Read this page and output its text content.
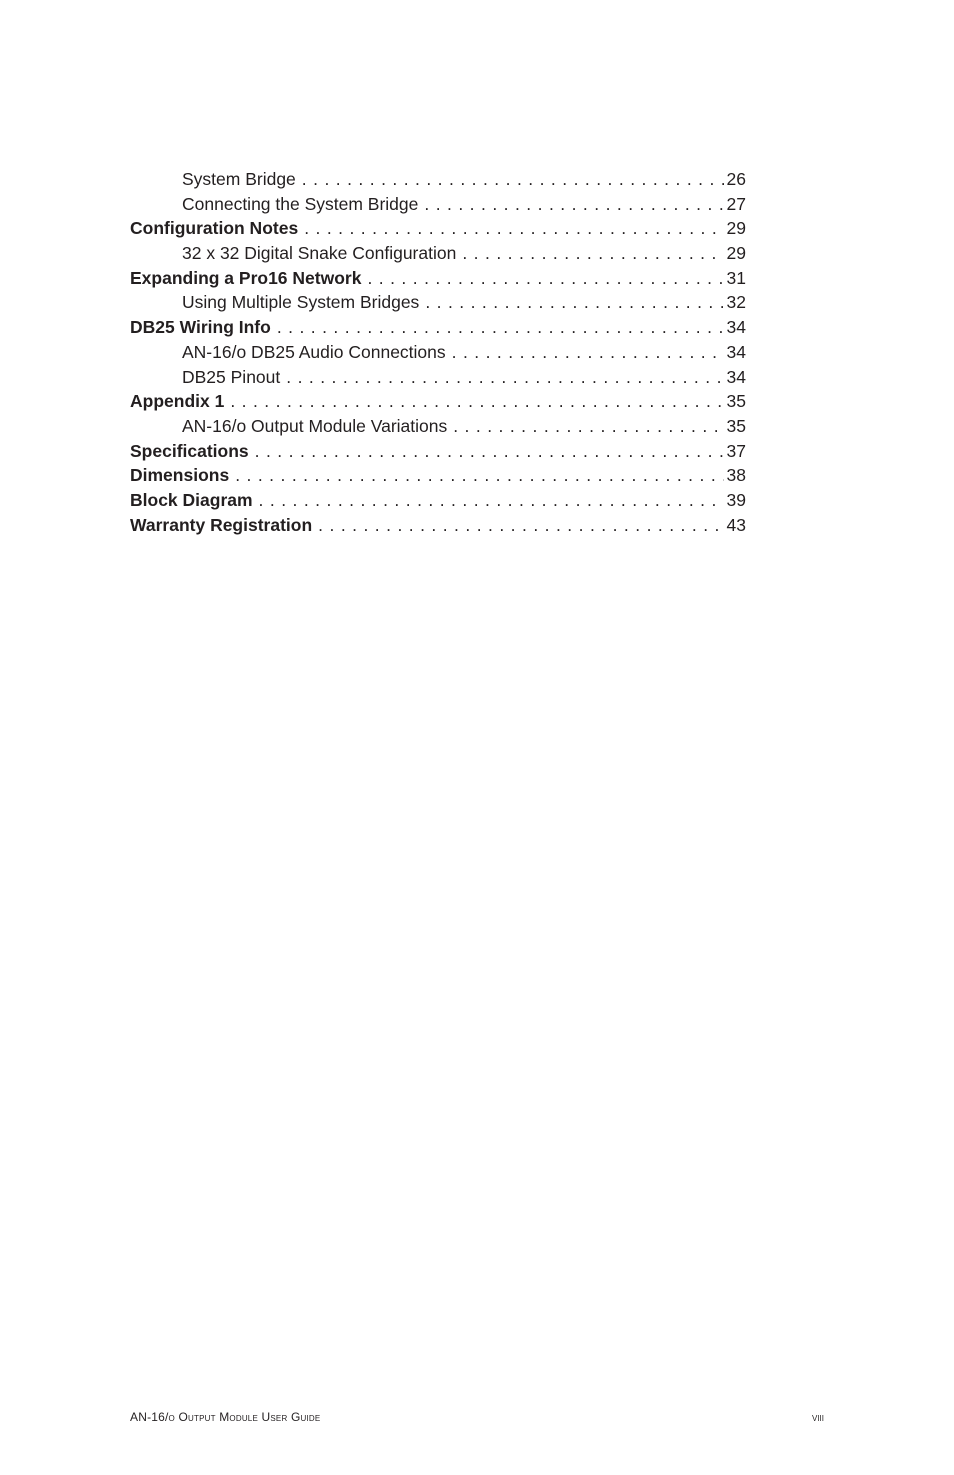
System Bridge . . .	26
Connecting the System Bridge . . .	27
Configuration Notes . . .	29
32 x 32 Digital Snake Configuration . . .	29
Expanding a Pro16 Network . . .	31
Using Multiple System Bridges . . .	32
DB25 Wiring Info . . .	34
AN-16/o DB25 Audio Connections . . .	34
DB25 Pinout . . .	34
Appendix 1 . . .	35
AN-16/o Output Module Variations . . .	35
Specifications . . .	37
Dimensions . . .	38
Block Diagram . . .	39
Warranty Registration . . .	43
AN-16/o Output Module User Guide	viii
